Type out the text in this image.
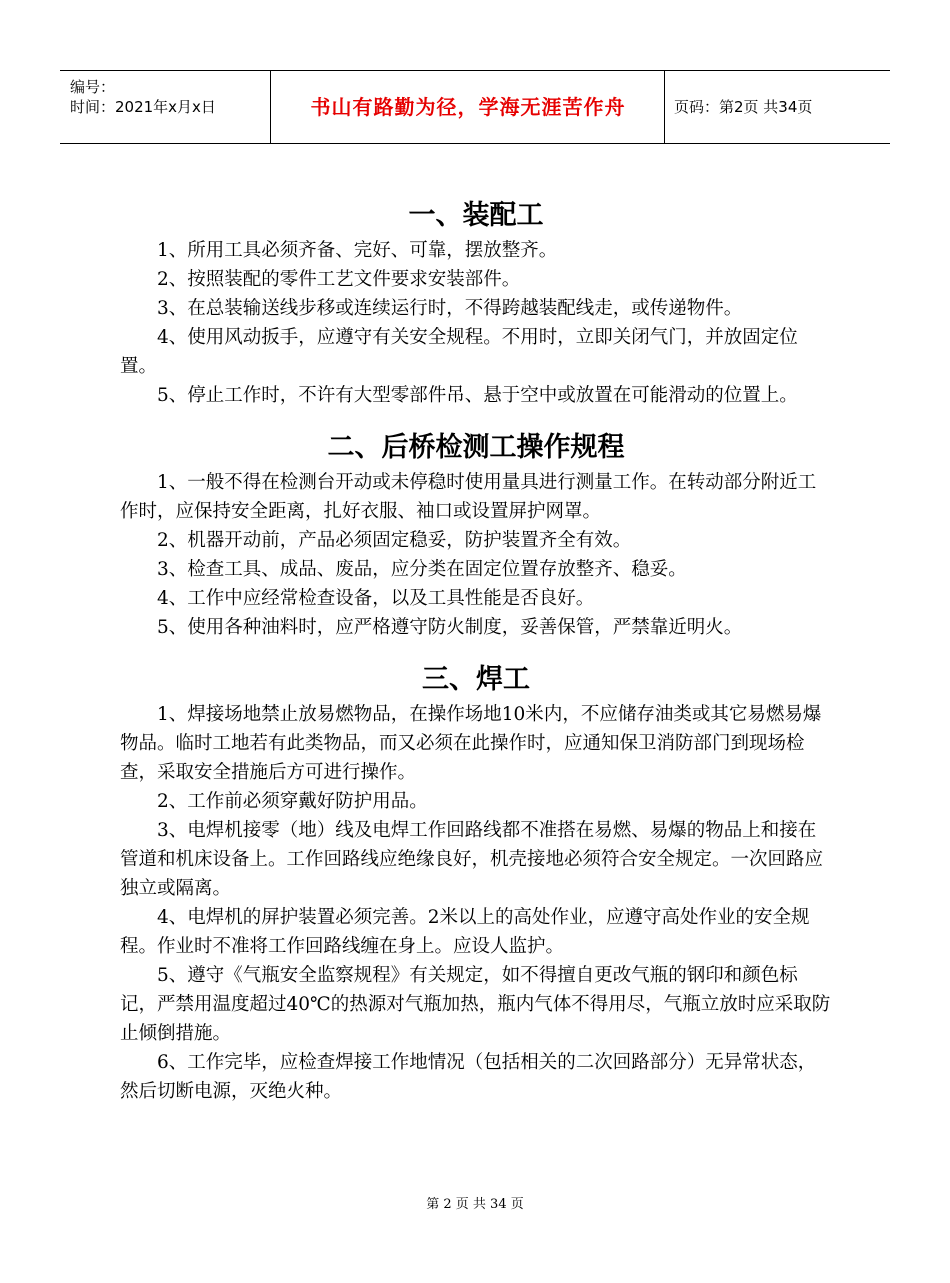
编号：
时间：2021年x月x日	书山有路勤为径，学海无涯苦作舟	页码：第2页 共34页
一、装配工

1、所用工具必须齐备、完好、可靠，摆放整齐。

2、按照装配的零件工艺文件要求安装部件。

3、在总装输送线步移或连续运行时，不得跨越装配线走，或传递物件。

4、使用风动扳手，应遵守有关安全规程。不用时，立即关闭气门，并放固定位置。

5、停止工作时，不许有大型零部件吊、悬于空中或放置在可能滑动的位置上。

二、后桥检测工操作规程

1、一般不得在检测台开动或未停稳时使用量具进行测量工作。在转动部分附近工作时，应保持安全距离，扎好衣服、袖口或设置屏护网罩。

2、机器开动前，产品必须固定稳妥，防护装置齐全有效。

3、检查工具、成品、废品，应分类在固定位置存放整齐、稳妥。

4、工作中应经常检查设备，以及工具性能是否良好。

5、使用各种油料时，应严格遵守防火制度，妥善保管，严禁靠近明火。

三、焊工

1、焊接场地禁止放易燃物品，在操作场地10米内，不应储存油类或其它易燃易爆物品。临时工地若有此类物品，而又必须在此操作时，应通知保卫消防部门到现场检查，采取安全措施后方可进行操作。

2、工作前必须穿戴好防护用品。

3、电焊机接零（地）线及电焊工作回路线都不准搭在易燃、易爆的物品上和接在管道和机床设备上。工作回路线应绝缘良好，机壳接地必须符合安全规定。一次回路应独立或隔离。

4、电焊机的屏护装置必须完善。2米以上的高处作业，应遵守高处作业的安全规程。作业时不准将工作回路线缠在身上。应设人监护。

5、遵守《气瓶安全监察规程》有关规定，如不得擅自更改气瓶的钢印和颜色标记，严禁用温度超过40℃的热源对气瓶加热，瓶内气体不得用尽，气瓶立放时应采取防止倾倒措施。

6、工作完毕，应检查焊接工作地情况（包括相关的二次回路部分）无异常状态，然后切断电源，灭绝火种。

第 2 页 共 34 页
